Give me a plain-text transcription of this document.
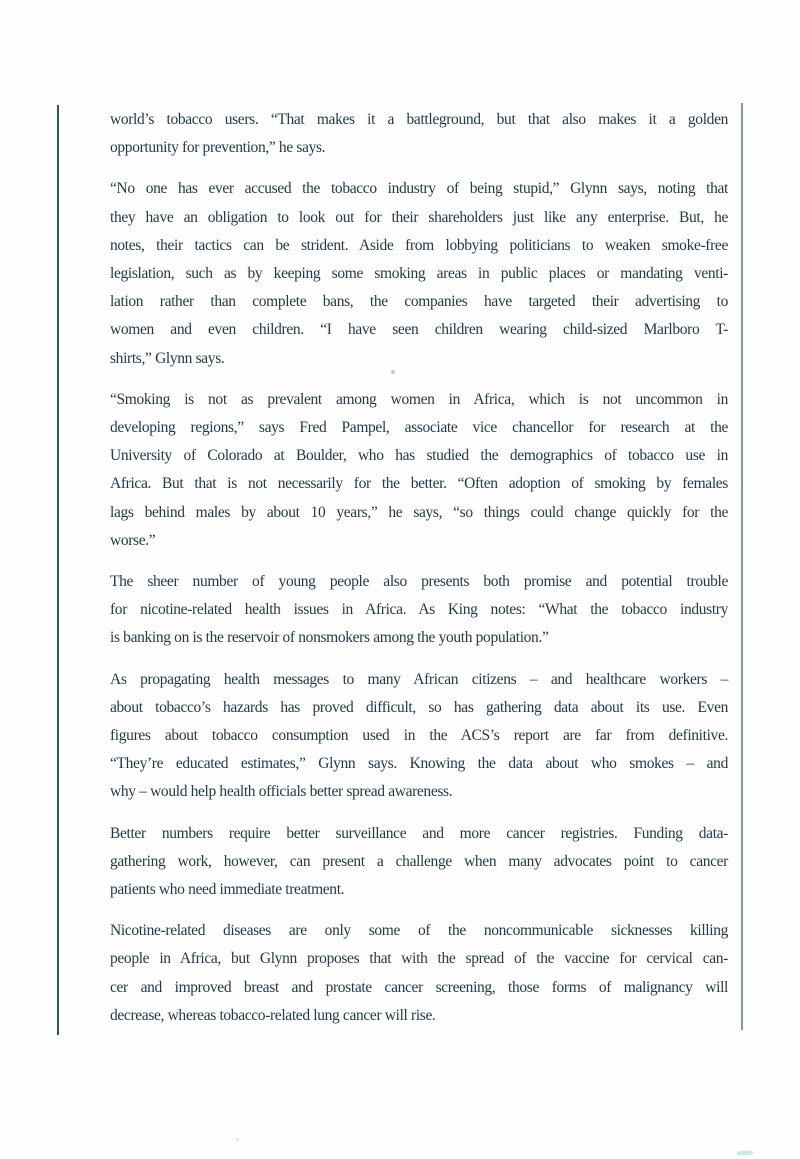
world’s tobacco users. “That makes it a battleground, but that also makes it a golden
opportunity for prevention,” he says.

“No one has ever accused the tobacco industry of being stupid,” Glynn says, noting that
they have an obligation to look out for their shareholders just like any enterprise. But, he
notes, their tactics can be strident. Aside from lobbying politicians to weaken smoke-free
legislation, such as by keeping some smoking areas in public places or mandating venti-
lation rather than complete bans, the companies have targeted their advertising to
women and even children. “I have seen children wearing child-sized Marlboro T-
shirts,” Glynn says.

“Smoking is not as prevalent among women in Africa, which is not uncommon in
developing regions,” says Fred Pampel, associate vice chancellor for research at the
University of Colorado at Boulder, who has studied the demographics of tobacco use in
Africa. But that is not necessarily for the better. “Often adoption of smoking by females
lags behind males by about 10 years,” he says, “so things could change quickly for the
worse.”

The sheer number of young people also presents both promise and potential trouble
for nicotine-related health issues in Africa. As King notes: “What the tobacco industry
is banking on is the reservoir of nonsmokers among the youth population.”

As propagating health messages to many African citizens – and healthcare workers –
about tobacco’s hazards has proved difficult, so has gathering data about its use. Even
figures about tobacco consumption used in the ACS’s report are far from definitive.
“They’re educated estimates,” Glynn says. Knowing the data about who smokes – and
why – would help health officials better spread awareness.

Better numbers require better surveillance and more cancer registries. Funding data-
gathering work, however, can present a challenge when many advocates point to cancer
patients who need immediate treatment.

Nicotine-related diseases are only some of the noncommunicable sicknesses killing
people in Africa, but Glynn proposes that with the spread of the vaccine for cervical can-
cer and improved breast and prostate cancer screening, those forms of malignancy will
decrease, whereas tobacco-related lung cancer will rise.
